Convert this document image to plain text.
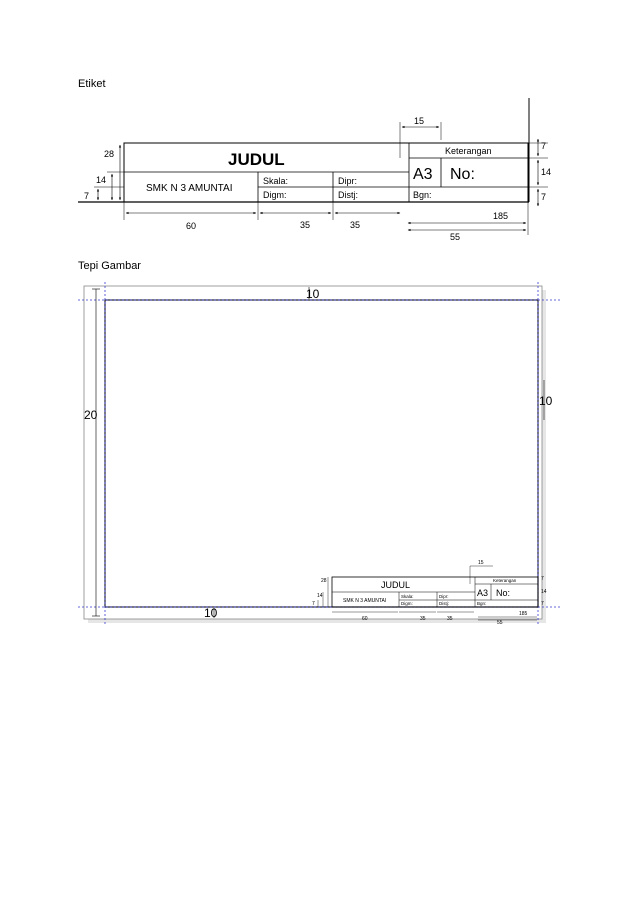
Etiket
Tepi Gambar
JUDUL
SMK N 3 AMUNTAI
Skala:
Digm:
Dipr:
Distj:
Keterangan
A3 No:
Bgn:
28
14
7
60	35	35
185
55
15
7
14
7
10
20
10
10
JUDUL
SMK N 3 AMUNTAI
Skala:
Digm:
Dipr:
Distj:
Keterangan
A3 No:
Bgn:
28
14
7
60	35	35
185
55
15
7
14
7
